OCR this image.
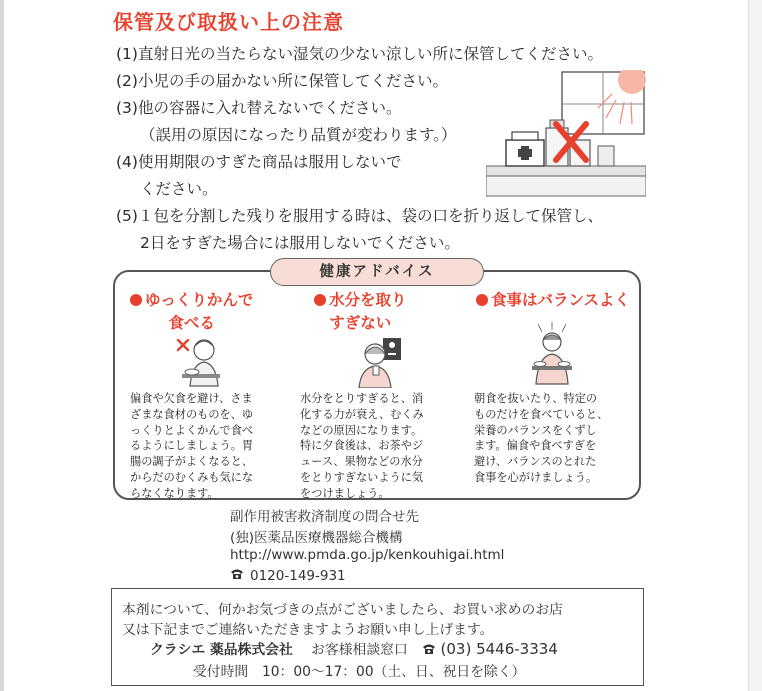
保管及び取扱い上の注意
(1)直射日光の当たらない湿気の少ない涼しい所に保管してください。
(2)小児の手の届かない所に保管してください。
(3)他の容器に入れ替えないでください。
（誤用の原因になったり品質が変わります。）
(4)使用期限のすぎた商品は服用しないで
ください。
(5)１包を分割した残りを服用する時は、袋の口を折り返して保管し、
2日をすぎた場合には服用しないでください。
健康アドバイス
ゆっくりかんで
食べる
偏食や欠食を避け、さま
ざまな食材のものを、ゆ
っくりとよくかんで食べ
るようにしましょう。胃
腸の調子がよくなると、
からだのむくみも気にな
らなくなります。
水分を取り
すぎない
水分をとりすぎると、消
化する力が衰え、むくみ
などの原因になります。
特に夕食後は、お茶やジ
ュース、果物などの水分
をとりすぎないように気
をつけましょう。
食事はバランスよく
朝食を抜いたり、特定の
ものだけを食べていると、
栄養のバランスをくずし
ます。偏食や食べすぎを
避け、バランスのとれた
食事を心がけましょう。
副作用被害救済制度の問合せ先
(独)医薬品医療機器総合機構
http://www.pmda.go.jp/kenkouhigai.html
0120-149-931
本剤について、何かお気づきの点がございましたら、お買い求めのお店
又は下記までご連絡いただきますようお願い申し上げます。
クラシエ 薬品株式会社 お客様相談窓口 (03) 5446-3334
受付時間　10：00〜17：00（土、日、祝日を除く）
